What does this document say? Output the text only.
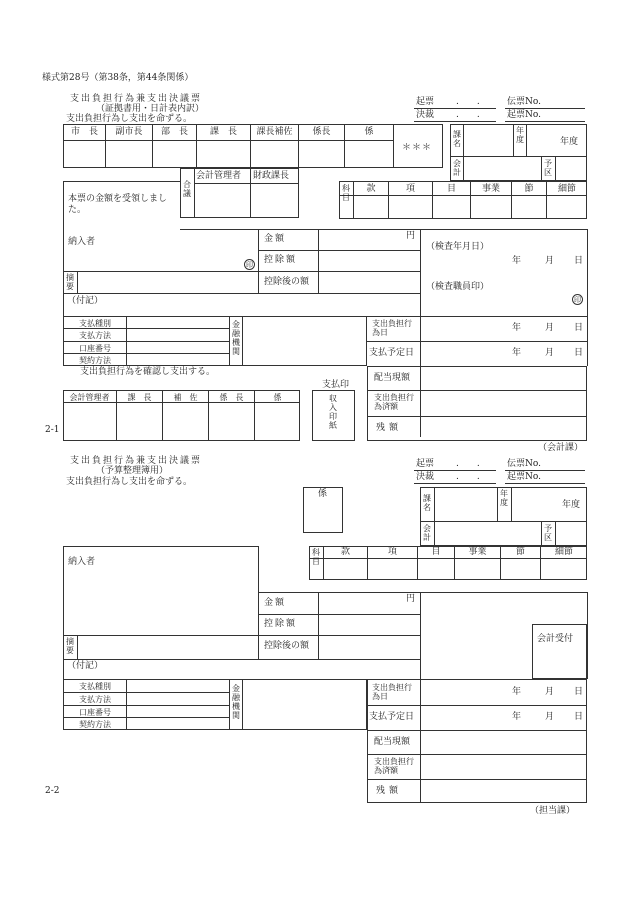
様式第28号（第38条，第44条関係）
支出負担行為兼支出決議票
（証拠書用・日計表内訳）
支出負担行為し支出を命ずる。
起票 .　　.	伝票No.
決裁 .　　.	起票No.
市　長	副市長	部　長	課　長	課長補佐	係長	係
＊＊＊
課名
年度	年度
会計
予区
合議
会計管理者 財政課長
科目
款	項	目	事業	節	細節
本票の金額を受領しました。
納入者
印
金額	円
控除額
控除後の額
摘要
（付記）
（検査年月日）
年	月 日
（検査職員印）
印
支払種別
支払方法
口座番号
契約方法
金融機関
支出負担行為日	年	月 日
支払予定日	年	月 日
支出負担行為を確認し支出する。
支払印
配当現額
支出負担行為済額
残額
会計管理者	課　長	補　佐	係　長	係	収入印紙
2-1
（会計課）
支出負担行為兼支出決議票
（予算整理簿用）
支出負担行為し支出を命ずる。
起票 .　　.	伝票No.
決裁 .　　.	起票No.
係	課名
年度	年度
会計
予区
科目
款	項	目	事業	節	細節
納入者
金額	円
控除額
控除後の額
摘要
（付記）
会計受付
支払種別
支払方法
口座番号
契約方法
金融機関
支出負担行為日	年	月 日
支払予定日	年	月 日
配当現額
支出負担行為済額
残額
2-2
（担当課）
